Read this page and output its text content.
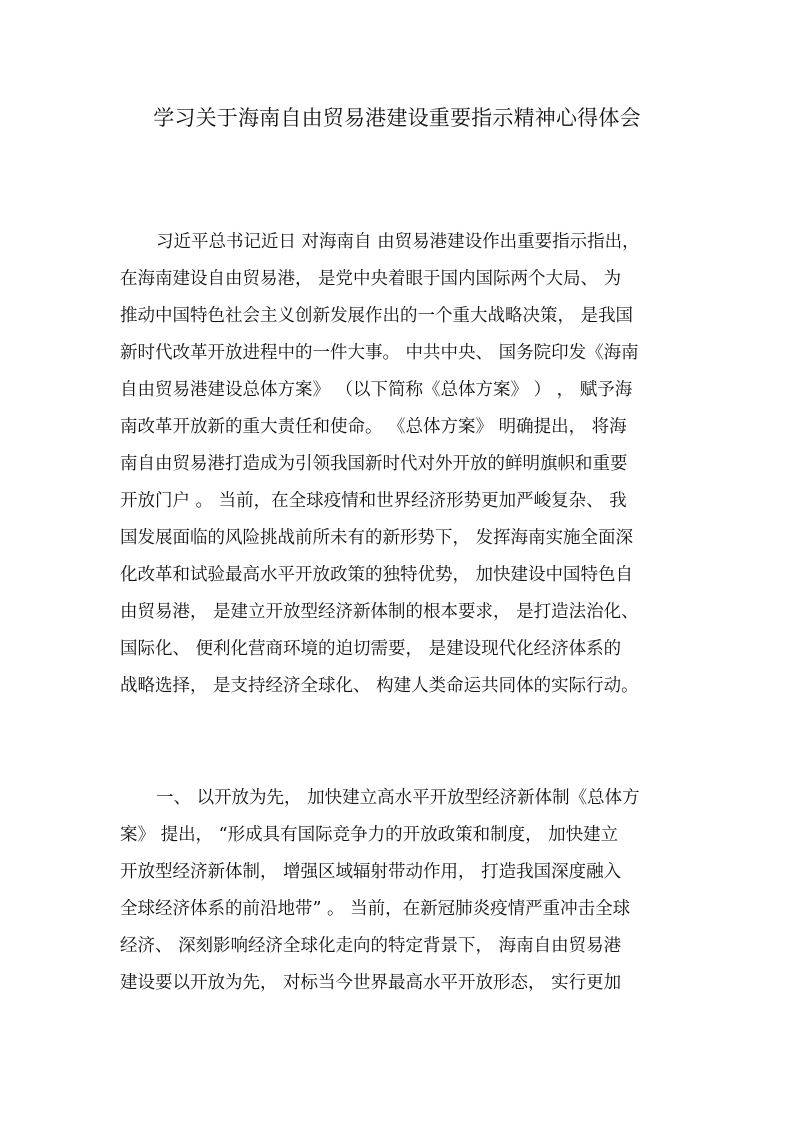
学习关于海南自由贸易港建设重要指示精神心得体会
习近平总书记近日 对海南自 由贸易港建设作出重要指示指出，
在海南建设自由贸易港， 是党中央着眼于国内国际两个大局、 为
推动中国特色社会主义创新发展作出的一个重大战略决策， 是我国
新时代改革开放进程中的一件大事。 中共中央、 国务院印发《海南
自由贸易港建设总体方案》 （以下简称《总体方案》 ） ， 赋予海
南改革开放新的重大责任和使命。 《总体方案》 明确提出， 将海
南自由贸易港打造成为引领我国新时代对外开放的鲜明旗帜和重要
开放门户 。 当前，在全球疫情和世界经济形势更加严峻复杂、 我
国发展面临的风险挑战前所未有的新形势下， 发挥海南实施全面深
化改革和试验最高水平开放政策的独特优势， 加快建设中国特色自
由贸易港， 是建立开放型经济新体制的根本要求， 是打造法治化、
国际化、 便利化营商环境的迫切需要， 是建设现代化经济体系的
战略选择， 是支持经济全球化、 构建人类命运共同体的实际行动。
一、 以开放为先， 加快建立高水平开放型经济新体制《总体方
案》 提出， “形成具有国际竞争力的开放政策和制度， 加快建立
开放型经济新体制， 增强区域辐射带动作用， 打造我国深度融入
全球经济体系的前沿地带” 。 当前，在新冠肺炎疫情严重冲击全球
经济、 深刻影响经济全球化走向的特定背景下， 海南自由贸易港
建设要以开放为先， 对标当今世界最高水平开放形态， 实行更加
